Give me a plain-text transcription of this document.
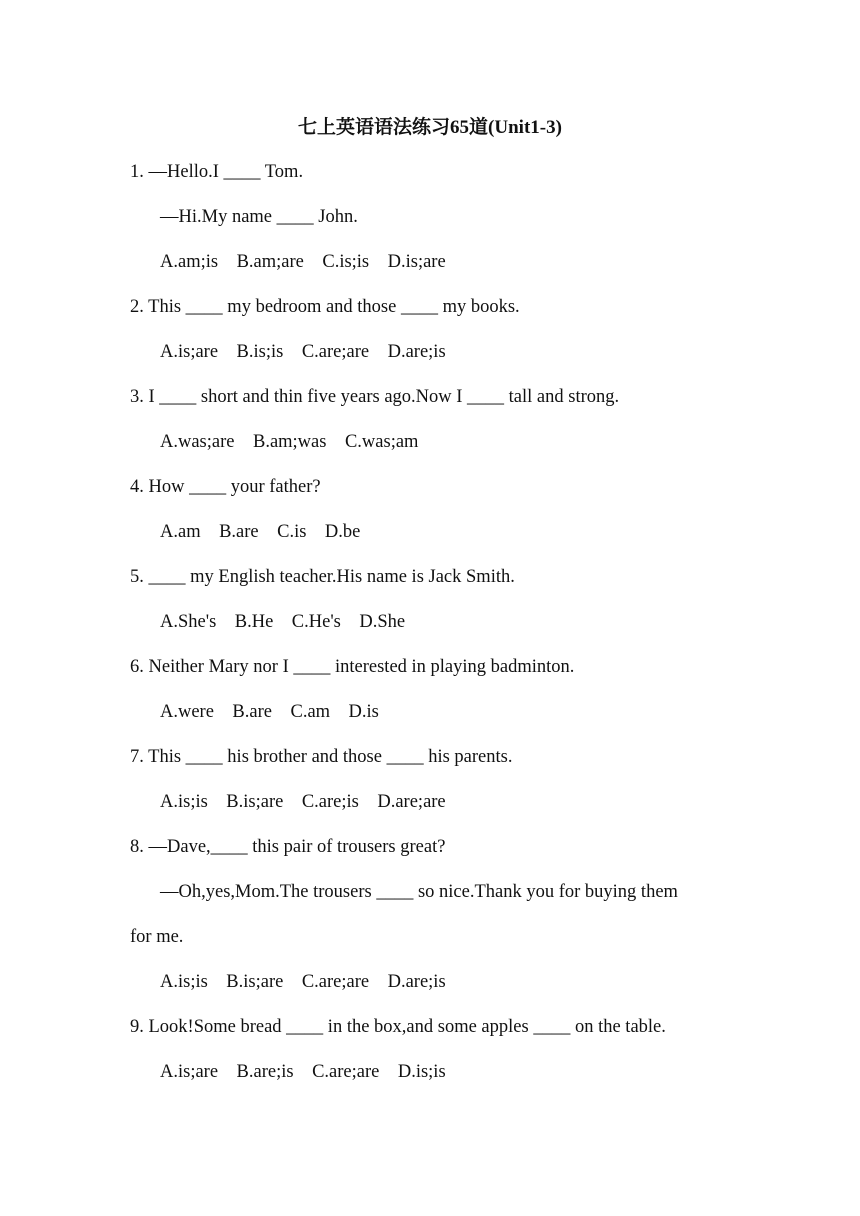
七上英语语法练习65道(Unit1-3)
1. —Hello.I ____ Tom.
—Hi.My name ____ John.
A.am;is    B.am;are    C.is;is    D.is;are
2. This ____ my bedroom and those ____ my books.
A.is;are    B.is;is    C.are;are    D.are;is
3. I ____ short and thin five years ago.Now I ____ tall and strong.
A.was;are    B.am;was    C.was;am
4. How ____ your father?
A.am    B.are    C.is    D.be
5. ____ my English teacher.His name is Jack Smith.
A.She's    B.He    C.He's    D.She
6. Neither Mary nor I ____ interested in playing badminton.
A.were    B.are    C.am    D.is
7. This ____ his brother and those ____ his parents.
A.is;is    B.is;are    C.are;is    D.are;are
8. —Dave,____ this pair of trousers great?
—Oh,yes,Mom.The trousers ____ so nice.Thank you for buying them
for me.
A.is;is    B.is;are    C.are;are    D.are;is
9. Look!Some bread ____ in the box,and some apples ____ on the table.
A.is;are    B.are;is    C.are;are    D.is;is
